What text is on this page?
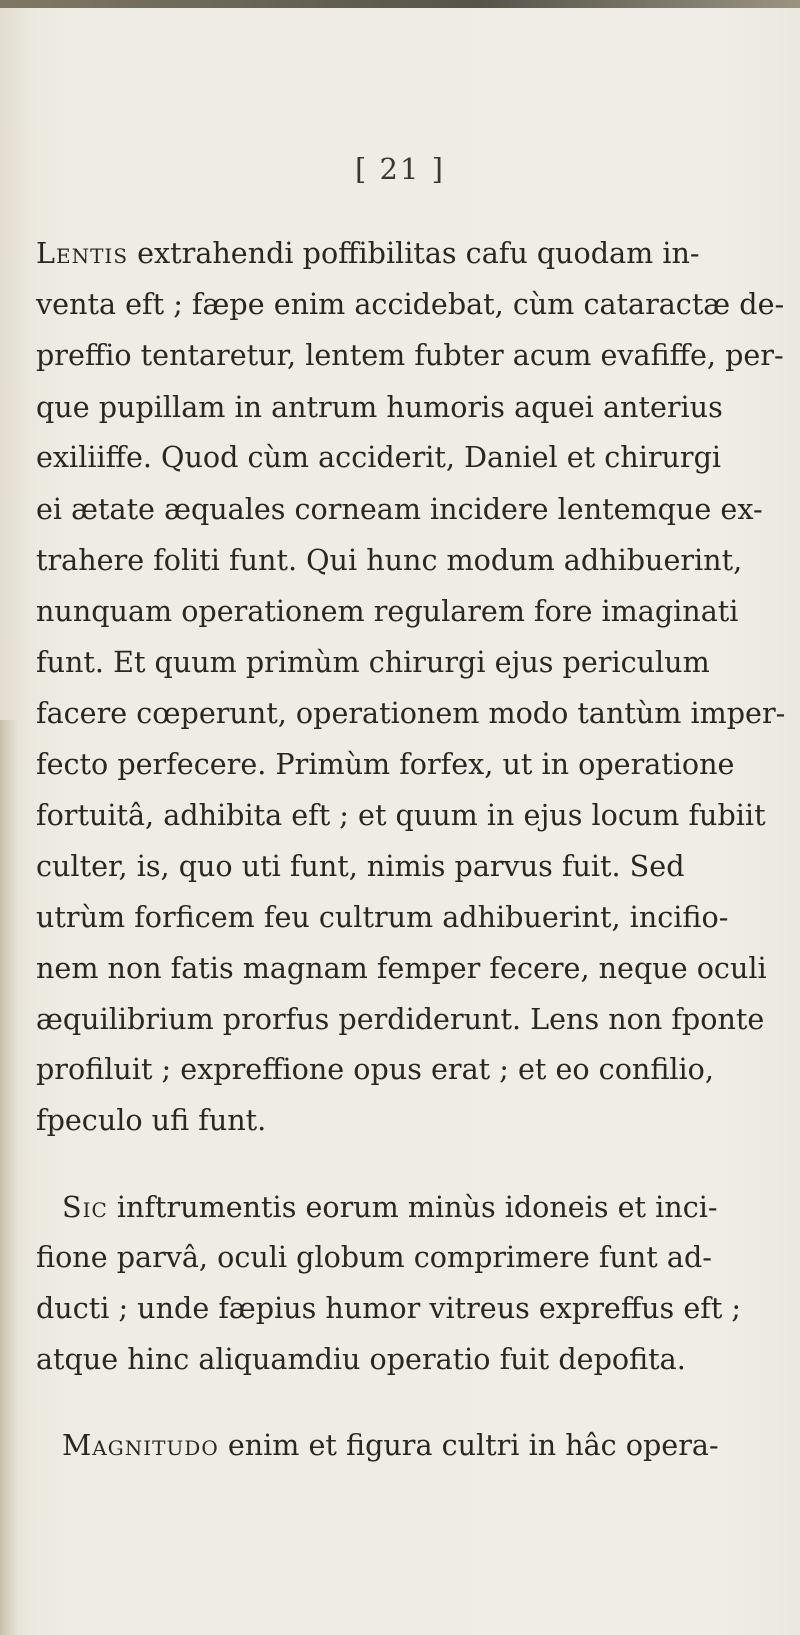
[ 21 ]
Lentis extrahendi poffibilitas cafu quodam in-
venta eft ; fæpe enim accidebat, cùm cataractæ de-
preffio tentaretur, lentem fubter acum evafiffe, per-
que pupillam in antrum humoris aquei anterius
exiliiffe. Quod cùm acciderit, Daniel et chirurgi
ei ætate æquales corneam incidere lentemque ex-
trahere foliti funt. Qui hunc modum adhibuerint,
nunquam operationem regularem fore imaginati
funt. Et quum primùm chirurgi ejus periculum
facere cœperunt, operationem modo tantùm imper-
fecto perfecere. Primùm forfex, ut in operatione
fortuitâ, adhibita eft ; et quum in ejus locum fubiit
culter, is, quo uti funt, nimis parvus fuit. Sed
utrùm forficem feu cultrum adhibuerint, incifio-
nem non fatis magnam femper fecere, neque oculi
æquilibrium prorfus perdiderunt. Lens non fponte
profiluit ; expreffione opus erat ; et eo confilio,
fpeculo ufi funt.
Sic inftrumentis eorum minùs idoneis et inci-
fione parvâ, oculi globum comprimere funt ad-
ducti ; unde fæpius humor vitreus expreffus eft ;
atque hinc aliquamdiu operatio fuit depofita.
Magnitudo enim et figura cultri in hâc opera-
